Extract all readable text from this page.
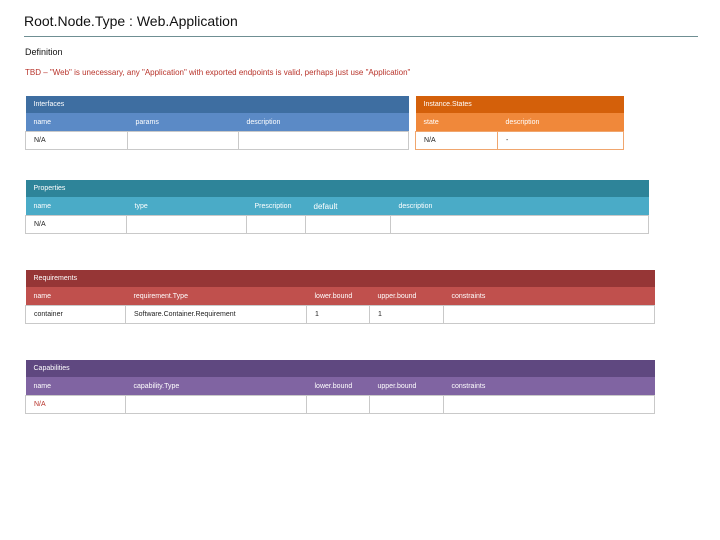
Root.Node.Type : Web.Application
Definition
TBD – "Web" is unecessary, any "Application" with exported endpoints is valid, perhaps just use "Application"
Interfaces				Instance.States	
name	params	description		state	description
N/A				N/A	-
Properties				
name	type	Prescription	default	description
N/A				
Requirements				
name	requirement.Type	lower.bound	upper.bound	constraints
container	Software.Container.Requirement	1	1	
Capabilities				
name	capability.Type	lower.bound	upper.bound	constraints
N/A				
